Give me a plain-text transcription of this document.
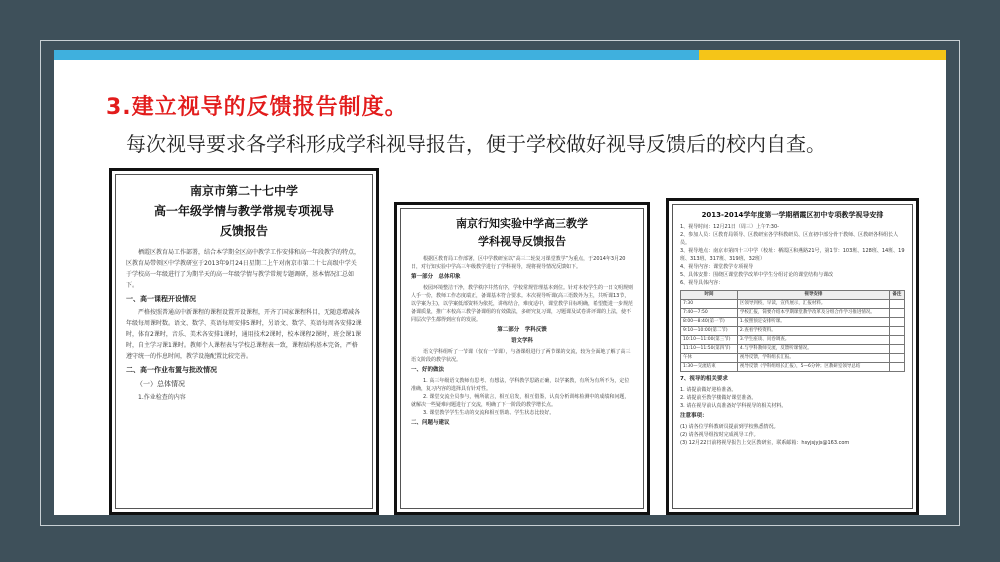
3.建立视导的反馈报告制度。
每次视导要求各学科形成学科视导报告，便于学校做好视导反馈后的校内自查。
南京市第二十七中学
高一年级学情与教学常规专项视导
反馈报告

栖霞区教育局工作部署，结合本学期全区高中教学工作安排和高一年段教学的特点，区教育局带领区中学教研室于2013年9月24日星期二上午对南京市第二十七高级中学关于学校高一年级进行了为期半天的高一年级学情与教学常规专题调研，基本情况汇总如下。

一、高一课程开设情况

严格按照普通高中新课程的课程设置开设课程，开齐了国家课程科目，无随意增减各年级每周课时数。语文、数学、英语每周安排5课时，另语文、数学、英语每周各安排2课时，体育2课时，音乐、美术各安排1课时，通用技术2课时，校本课程2课时，班会课1课时，自主学习课1课时。教师个人课程表与学校总课程表一致，课程结构基本完备，严格遵守统一的作息时间，教学设施配置比较完善。

二、高一作业布置与批改情况
（一）总体情况

1.作业检查的内容

南京行知实验中学高三教学
学科视导反馈报告

根据区教育局工作部署，区中学教研室以“高三二轮复习课堂教学”为重点，于2014年3月20日，对行知实验中学高三年级教学进行了学科视导，现将视导情况反馈如下。

第一部分　总体印象

校园环境整洁干净，教学秩序井然有序，学校常规管理基本到位。针对本校学生的一日文明规则人手一份，教师工作态度端正，备课基本符合要求。本次视导听课(高三语数外为主，共听课13节，以学案为主)，以学案低部资料为依托，讲练结合，难度适中，课堂教学目标明确，希望能进一步规范备课质量，推广本校高三教学备课组的有效做法，多研究复习课，习题课及试卷讲评课的上法，使不同层次学生都得到应有的发展。

第二部分　学科反馈
语文学科

语文学科组听了一节课（仅有一节课），与备课组进行了两节课的交流，较为全面地了解了高三语文阶段的教学状况。

一、好的做法

1. 高三年级语文教师有思考、有想法，学科教学思路正确，以学案教，有所为有所不为，定位准确，复习内容的选择具有针对性。

2. 课堂交流全员参与，畅所欲言，相互启发，相互借鉴，认真分析训练检测中的成绩和问题，就解决一些疑难问题进行了交流，明确了下一阶段的教学增长点。

3. 课堂教学学生生动的交流和相互帮助、学生状态比较好。

二、问题与建议
2013-2014学年度第一学期栖霞区初中专项教学视导安排

1、视导时间：12月21日（周三）上午7:30-

2、参加人员：区教育局领导、区教研室各学科教研员、区直初中部分骨干教师、区教研各科组长人员。

3、视导地点：南京市第四十三中学（校址：栖霞区和燕路21号，第1节：103班、128班、14班、19班、313班、317班、319班、32班）

4、视导内容：课堂教学专项视导

5、具体安排：围绕区课堂教学改革中学生分组讨论的课堂结构与课改

6、视导具体内容：

时间	视导安排	备注
7:30	区领导到校，早读，宣传展示，汇报材料。	
7:40—7:50	学校汇报，简要介绍本学期课堂教学改革及分组合作学习推进情况。	
8:00—8:40(第一节)	1.按照预定安排听课。	
9:10—10:00(第二节)	2.查看学校资料。	
10:10—11:00(第三节)	3.学生座谈、问卷调查。	
11:10—11:50(第四节)	4.与学科教师交流，反馈听课情况。	
午休	视导反馈，学科组长汇报。	
1:30—交流结束	视导反馈（学科组组长汇报），5—6分钟；区教研室领导总结	
7、视导的相关要求

1. 请提前做好迎检准备。

2. 请提前至教学楼做好课堂准备。

3. 请在视导前认真准备好学科视导的相关材料。

注意事项：

(1) 请各位学科教研员提前到学校熟悉情况。

(2) 请各视导组按时完成视导工作。

(3) 12月22日前将视导报告上交区教研室，联系邮箱：hsyjsjyjs@163.com
